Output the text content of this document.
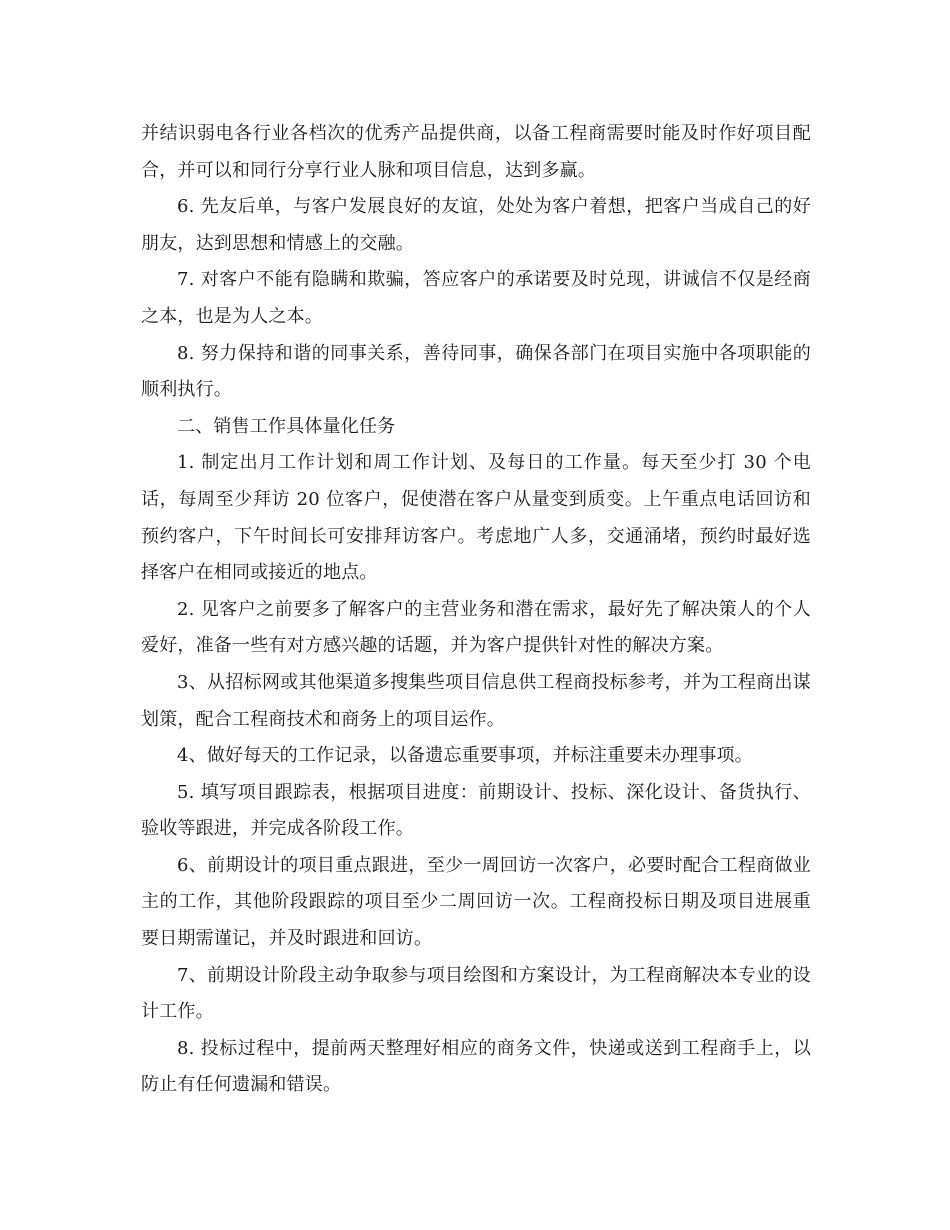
并结识弱电各行业各档次的优秀产品提供商，以备工程商需要时能及时作好项目配合，并可以和同行分享行业人脉和项目信息，达到多赢。

6. 先友后单，与客户发展良好的友谊，处处为客户着想，把客户当成自己的好朋友，达到思想和情感上的交融。

7. 对客户不能有隐瞒和欺骗，答应客户的承诺要及时兑现，讲诚信不仅是经商之本，也是为人之本。

8. 努力保持和谐的同事关系，善待同事，确保各部门在项目实施中各项职能的顺利执行。

二、销售工作具体量化任务

1. 制定出月工作计划和周工作计划、及每日的工作量。每天至少打 30 个电话，每周至少拜访 20 位客户，促使潜在客户从量变到质变。上午重点电话回访和预约客户，下午时间长可安排拜访客户。考虑地广人多，交通涌堵，预约时最好选择客户在相同或接近的地点。

2. 见客户之前要多了解客户的主营业务和潜在需求，最好先了解决策人的个人爱好，准备一些有对方感兴趣的话题，并为客户提供针对性的解决方案。

3、从招标网或其他渠道多搜集些项目信息供工程商投标参考，并为工程商出谋划策，配合工程商技术和商务上的项目运作。

4、做好每天的工作记录，以备遗忘重要事项，并标注重要未办理事项。

5. 填写项目跟踪表，根据项目进度：前期设计、投标、深化设计、备货执行、验收等跟进，并完成各阶段工作。

6、前期设计的项目重点跟进，至少一周回访一次客户，必要时配合工程商做业主的工作，其他阶段跟踪的项目至少二周回访一次。工程商投标日期及项目进展重要日期需谨记，并及时跟进和回访。

7、前期设计阶段主动争取参与项目绘图和方案设计，为工程商解决本专业的设计工作。

8. 投标过程中，提前两天整理好相应的商务文件，快递或送到工程商手上，以防止有任何遗漏和错误。
